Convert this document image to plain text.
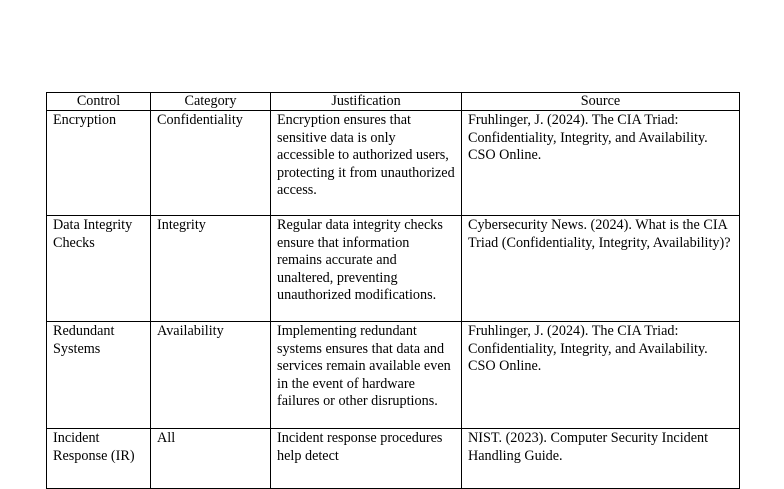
Control	Category	Justification	Source
Encryption	Confidentiality	Encryption ensures that sensitive data is only accessible to authorized users, protecting it from unauthorized access.	Fruhlinger, J. (2024). The CIA Triad: Confidentiality, Integrity, and Availability. CSO Online.
Data Integrity Checks	Integrity	Regular data integrity checks ensure that information remains accurate and unaltered, preventing unauthorized modifications.	Cybersecurity News. (2024). What is the CIA Triad (Confidentiality, Integrity, Availability)?
Redundant Systems	Availability	Implementing redundant systems ensures that data and services remain available even in the event of hardware failures or other disruptions.	Fruhlinger, J. (2024). The CIA Triad: Confidentiality, Integrity, and Availability. CSO Online.
Incident Response (IR)	All	Incident response procedures help detect	NIST. (2023). Computer Security Incident Handling Guide.
